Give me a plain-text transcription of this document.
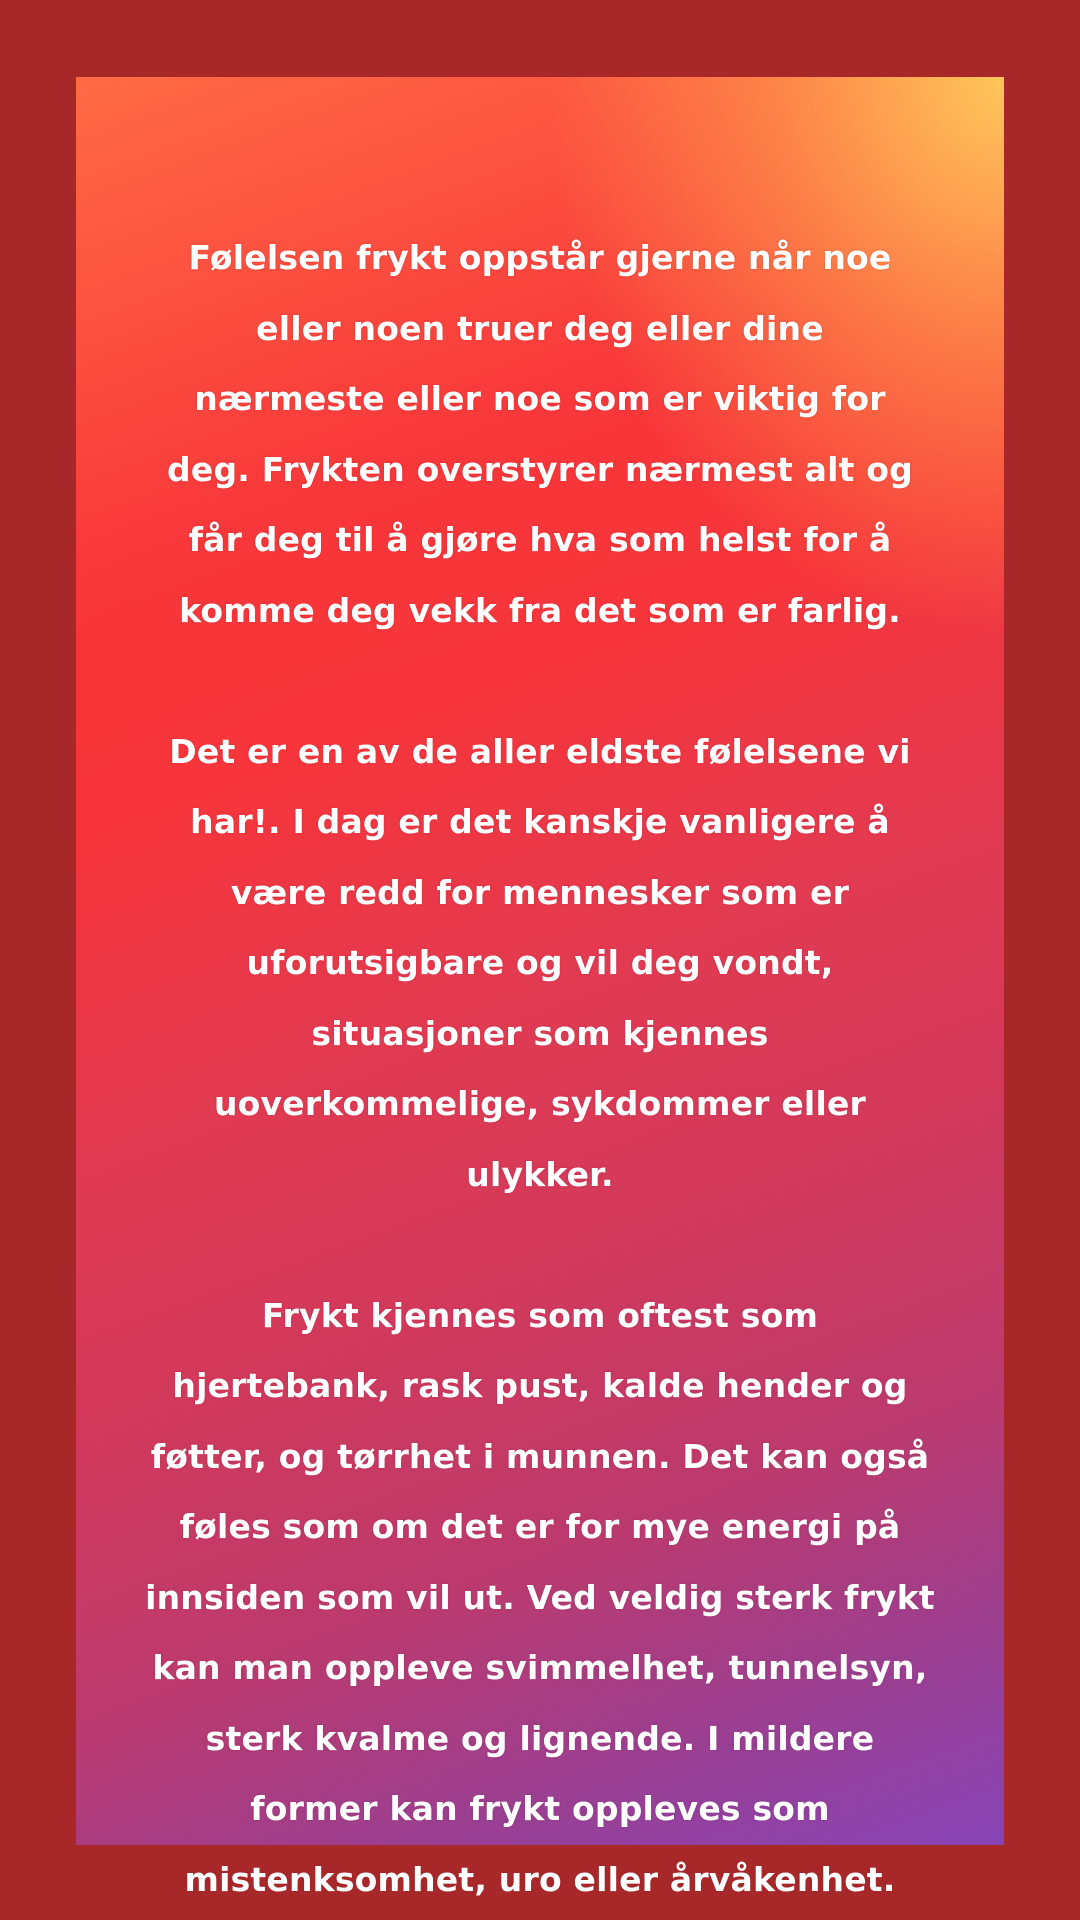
Følelsen frykt oppstår gjerne når noe
eller noen truer deg eller dine
nærmeste eller noe som er viktig for
deg. Frykten overstyrer nærmest alt og
får deg til å gjøre hva som helst for å
komme deg vekk fra det som er farlig.
Det er en av de aller eldste følelsene vi
har!. I dag er det kanskje vanligere å
være redd for mennesker som er
uforutsigbare og vil deg vondt,
situasjoner som kjennes
uoverkommelige, sykdommer eller
ulykker.
Frykt kjennes som oftest som
hjertebank, rask pust, kalde hender og
føtter, og tørrhet i munnen. Det kan også
føles som om det er for mye energi på
innsiden som vil ut. Ved veldig sterk frykt
kan man oppleve svimmelhet, tunnelsyn,
sterk kvalme og lignende. I mildere
former kan frykt oppleves som
mistenksomhet, uro eller årvåkenhet.
